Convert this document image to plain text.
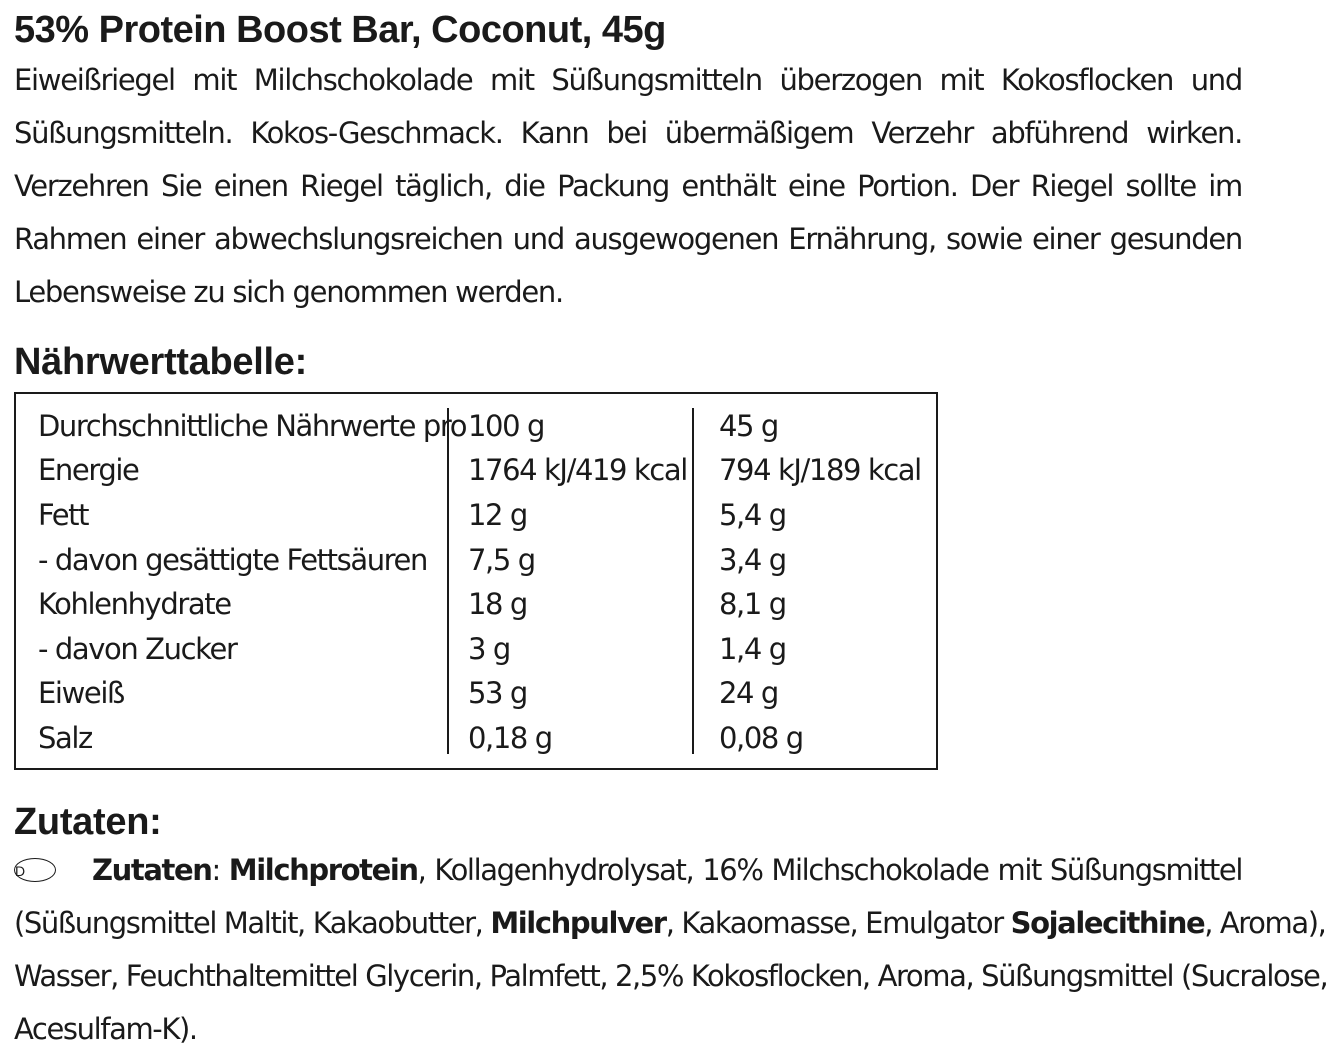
53% Protein Boost Bar, Coconut, 45g

Eiweißriegel mit Milchschokolade mit Süßungsmitteln überzogen mit Kokosflocken und
Süßungsmitteln. Kokos-Geschmack. Kann bei übermäßigem Verzehr abführend wirken.
Verzehren Sie einen Riegel täglich, die Packung enthält eine Portion. Der Riegel sollte im
Rahmen einer abwechslungsreichen und ausgewogenen Ernährung, sowie einer gesunden
Lebensweise zu sich genommen werden.

Nährwerttabelle:
Durchschnittliche Nährwerte pro 100 g	45 g
Energie	1764 kJ/419 kcal 794 kJ/189 kcal
Fett	12 g	5,4 g
- davon gesättigte Fettsäuren 7,5 g	3,4 g
Kohlenhydrate	18 g	8,1 g
- davon Zucker	3 g	1,4 g
Eiweiß	53 g	24 g
Salz	0,18 g	0,08 g
Zutaten:

D Zutaten: Milchprotein, Kollagenhydrolysat, 16% Milchschokolade mit Süßungsmittel
(Süßungsmittel Maltit, Kakaobutter, Milchpulver, Kakaomasse, Emulgator Sojalecithine, Aroma),
Wasser, Feuchthaltemittel Glycerin, Palmfett, 2,5% Kokosflocken, Aroma, Süßungsmittel (Sucralose,
Acesulfam-K).
